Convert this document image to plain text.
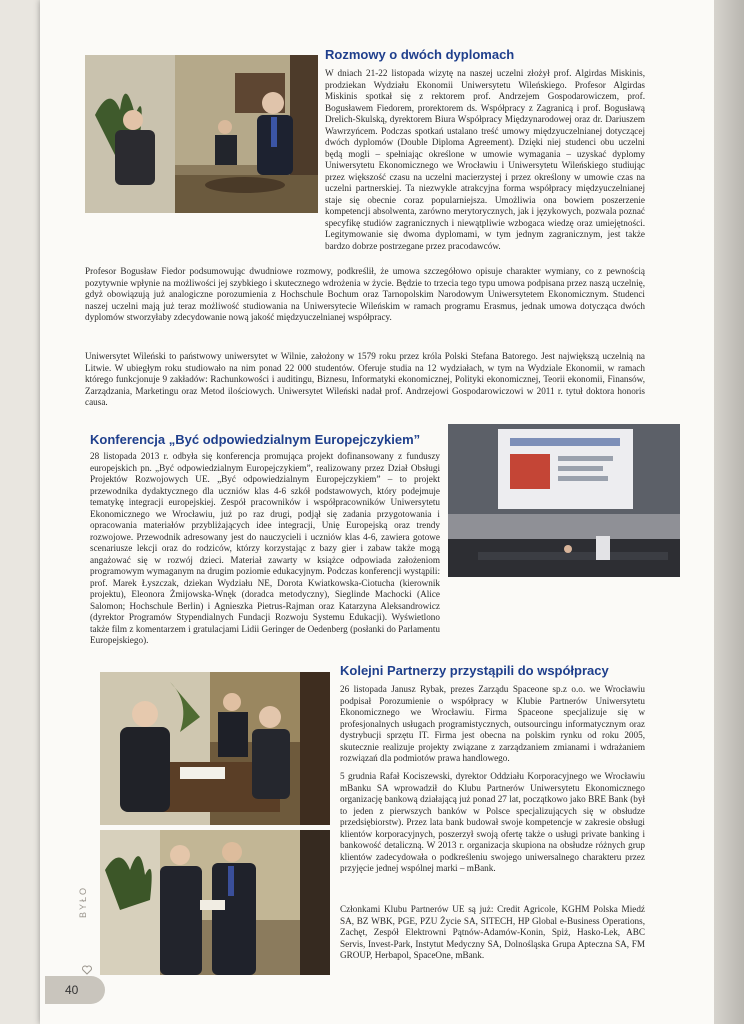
Rozmowy o dwóch dyplomach

W dniach 21-22 listopada wizytę na naszej uczelni złożył prof. Algirdas Miskinis, prodziekan Wydziału Ekonomii Uniwersytetu Wileńskiego. Profesor Algirdas Miskinis spotkał się z rektorem prof. Andrzejem Gospodarowiczem, prof. Bogusławem Fiedorem, prorektorem ds. Współpracy z Zagranicą i prof. Bogusławą Drelich-Skulską, dyrektorem Biura Współpracy Międzynarodowej oraz dr. Dariuszem Wawrzyńcem. Podczas spotkań ustalano treść umowy międzyuczelnianej dotyczącej dwóch dyplomów (Double Diploma Agreement). Dzięki niej studenci obu uczelni będą mogli – spełniając określone w umowie wymagania – uzyskać dyplomy Uniwersytetu Ekonomicznego we Wrocławiu i Uniwersytetu Wileńskiego studiując przez większość czasu na uczelni macierzystej i przez określony w umowie czas na uczelni partnerskiej. Ta niezwykle atrakcyjna forma współpracy międzyuczelnianej staje się obecnie coraz popularniejsza. Umożliwia ona bowiem poszerzenie kompetencji absolwenta, zarówno merytorycznych, jak i językowych, pozwala poznać specyfikę studiów zagranicznych i niewątpliwie wzbogaca wiedzę oraz umiejętności. Legitymowanie się dwoma dyplomami, w tym jednym zagranicznym, jest także bardzo dobrze postrzegane przez pracodawców.

Profesor Bogusław Fiedor podsumowując dwudniowe rozmowy, podkreślił, że umowa szczegółowo opisuje charakter wymiany, co z pewnością pozytywnie wpłynie na możliwości jej szybkiego i skutecznego wdrożenia w życie. Będzie to trzecia tego typu umowa podpisana przez naszą uczelnię, gdyż obowiązują już analogiczne porozumienia z Hochschule Bochum oraz Tarnopolskim Narodowym Uniwersytetem Ekonomicznym. Studenci naszej uczelni mają już teraz możliwość studiowania na Uniwersytecie Wileńskim w ramach programu Erasmus, jednak umowa dotycząca dwóch dyplomów stworzyłaby zdecydowanie nową jakość międzyuczelnianej współpracy.

Uniwersytet Wileński to państwowy uniwersytet w Wilnie, założony w 1579 roku przez króla Polski Stefana Batorego. Jest największą uczelnią na Litwie. W ubiegłym roku studiowało na nim ponad 22 000 studentów. Oferuje studia na 12 wydziałach, w tym na Wydziale Ekonomii, w ramach którego funkcjonuje 9 zakładów: Rachunkowości i auditingu, Biznesu, Informatyki ekonomicznej, Polityki ekonomicznej, Teorii ekonomii, Finansów, Zarządzania, Marketingu oraz Metod ilościowych. Uniwersytet Wileński nadał prof. Andrzejowi Gospodarowiczowi w 2011 r. tytuł doktora honoris causa.

Konferencja „Być odpowiedzialnym Europejczykiem”

28 listopada 2013 r. odbyła się konferencja promująca projekt dofinansowany z funduszy europejskich pn. „Być odpowiedzialnym Europejczykiem”, realizowany przez Dział Obsługi Projektów Rozwojowych UE. „Być odpowiedzialnym Europejczykiem” – to projekt przewodnika dydaktycznego dla uczniów klas 4-6 szkół podstawowych, który podejmuje tematykę integracji europejskiej. Zespół pracowników i współpracowników Uniwersytetu Ekonomicznego we Wrocławiu, już po raz drugi, podjął się zadania przygotowania i opracowania materiałów przybliżających idee integracji, Unię Europejską oraz trendy rozwojowe. Przewodnik adresowany jest do nauczycieli i uczniów klas 4-6, zawiera gotowe scenariusze lekcji oraz do rodziców, którzy korzystając z bazy gier i zabaw także mogą angażować się w rozwój dzieci. Materiał zawarty w książce odpowiada założeniom programowym wymaganym na drugim poziomie edukacyjnym. Podczas konferencji wystąpili: prof. Marek Łyszczak, dziekan Wydziału NE, Dorota Kwiatkowska-Ciotucha (kierownik projektu), Eleonora Żmijowska-Wnęk (doradca metodyczny), Sieglinde Machocki (Alice Salomon; Hochschule Berlin) i Agnieszka Pietrus-Rajman oraz Katarzyna Aleksandrowicz (dyrektor Programów Stypendialnych Fundacji Rozwoju Systemu Edukacji). Wyświetlono także film z komentarzem i gratulacjami Lidii Geringer de Oedenberg (posłanki do Parlamentu Europejskiego).

Kolejni Partnerzy przystąpili do współpracy

26 listopada Janusz Rybak, prezes Zarządu Spaceone sp.z o.o. we Wrocławiu podpisał Porozumienie o współpracy w Klubie Partnerów Uniwersytetu Ekonomicznego we Wrocławiu. Firma Spaceone specjalizuje się w profesjonalnych usługach programistycznych, outsourcingu informatycznym oraz dystrybucji sprzętu IT. Firma jest obecna na polskim rynku od roku 2005, skutecznie realizuje projekty związane z zarządzaniem zmianami i wdrażaniem rozwiązań dla podmiotów prawa handlowego.

5 grudnia Rafał Kociszewski, dyrektor Oddziału Korporacyjnego we Wrocławiu mBanku SA wprowadził do Klubu Partnerów Uniwersytetu Ekonomicznego organizację bankową działającą już ponad 27 lat, początkowo jako BRE Bank (był to jeden z pierwszych banków w Polsce specjalizujących się w obsłudze przedsiębiorstw). Przez lata bank budował swoje kompetencje w zakresie obsługi klientów korporacyjnych, poszerzył swoją ofertę także o usługi private banking i bankowość detaliczną. W 2013 r. organizacja skupiona na obsłudze różnych grup klientów zadecydowała o podkreśleniu swojego uniwersalnego charakteru przez przyjęcie jednej wspólnej marki – mBank.

Członkami Klubu Partnerów UE są już: Credit Agricole, KGHM Polska Miedź SA, BZ WBK, PGE, PZU Życie SA, SITECH, HP Global e-Business Operations, Zachęt, Zespół Elektrowni Pątnów-Adamów-Konin, Spiż, Hasko-Lek, ABC Servis, Invest-Park, Instytut Medyczny SA, Dolnośląska Grupa Apteczna SA, FM GROUP, Herbapol, SpaceOne, mBank.

BYŁO
40
